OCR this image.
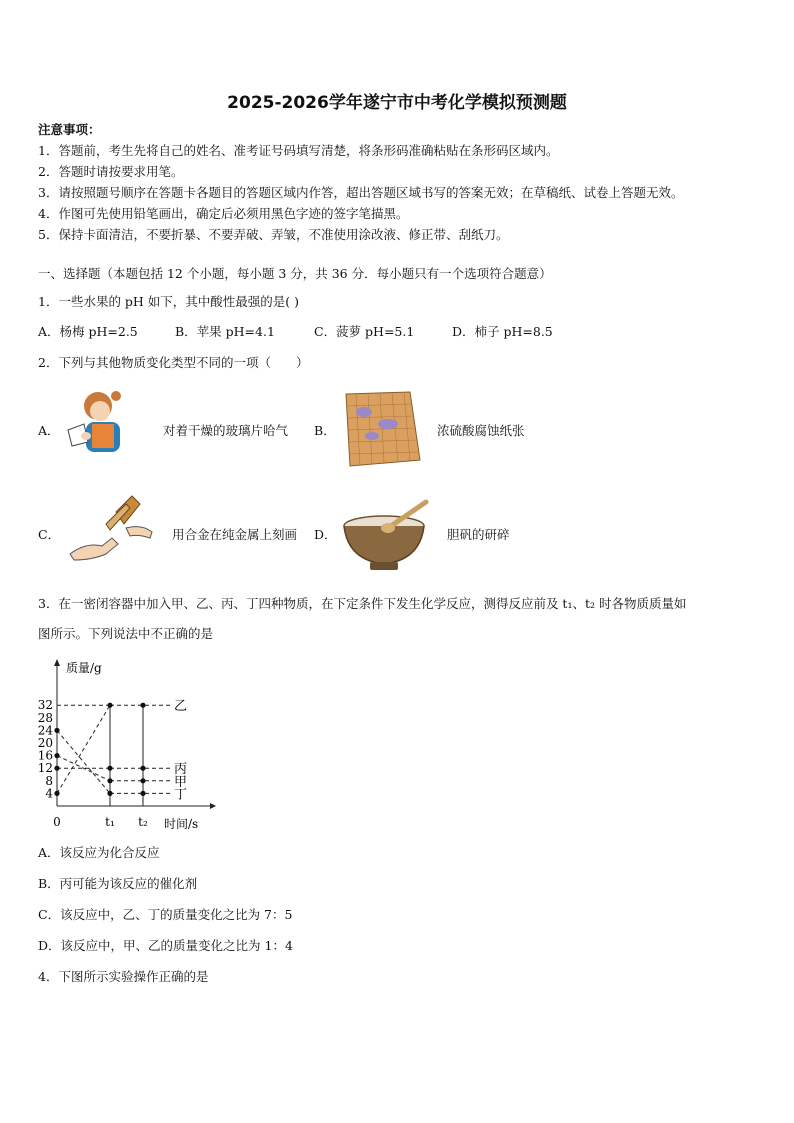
2025-2026学年遂宁市中考化学模拟预测题
注意事项：
1．答题前，考生先将自己的姓名、准考证号码填写清楚，将条形码准确粘贴在条形码区域内。
2．答题时请按要求用笔。
3．请按照题号顺序在答题卡各题目的答题区域内作答，超出答题区域书写的答案无效；在草稿纸、试卷上答题无效。
4．作图可先使用铅笔画出，确定后必须用黑色字迹的签字笔描黑。
5．保持卡面清洁，不要折暴、不要弄破、弄皱，不准使用涂改液、修正带、刮纸刀。
一、选择题（本题包括 12 个小题，每小题 3 分，共 36 分．每小题只有一个选项符合题意）
1．一些水果的 pH 如下，其中酸性最强的是( )
A．杨梅 pH=2.5	B．苹果 pH=4.1	C．菠萝 pH=5.1	D．柿子 pH=8.5
2．下列与其他物质变化类型不同的一项（　　）
A．	对着干燥的玻璃片哈气 B．	浓硫酸腐蚀纸张
C．	用合金在纯金属上刻画 D．	胆矾的研碎
3．在一密闭容器中加入甲、乙、丙、丁四种物质，在下定条件下发生化学反应，测得反应前及 t₁、t₂ 时各物质质量如
图所示。下列说法中不正确的是
质量/g
时间/s
4
8
12
16
20
24
28
32
0	t₁ t₂
乙
丙
甲
丁
A．该反应为化合反应
B．丙可能为该反应的催化剂
C．该反应中，乙、丁的质量变化之比为 7：5
D．该反应中，甲、乙的质量变化之比为 1：4
4．下图所示实验操作正确的是
